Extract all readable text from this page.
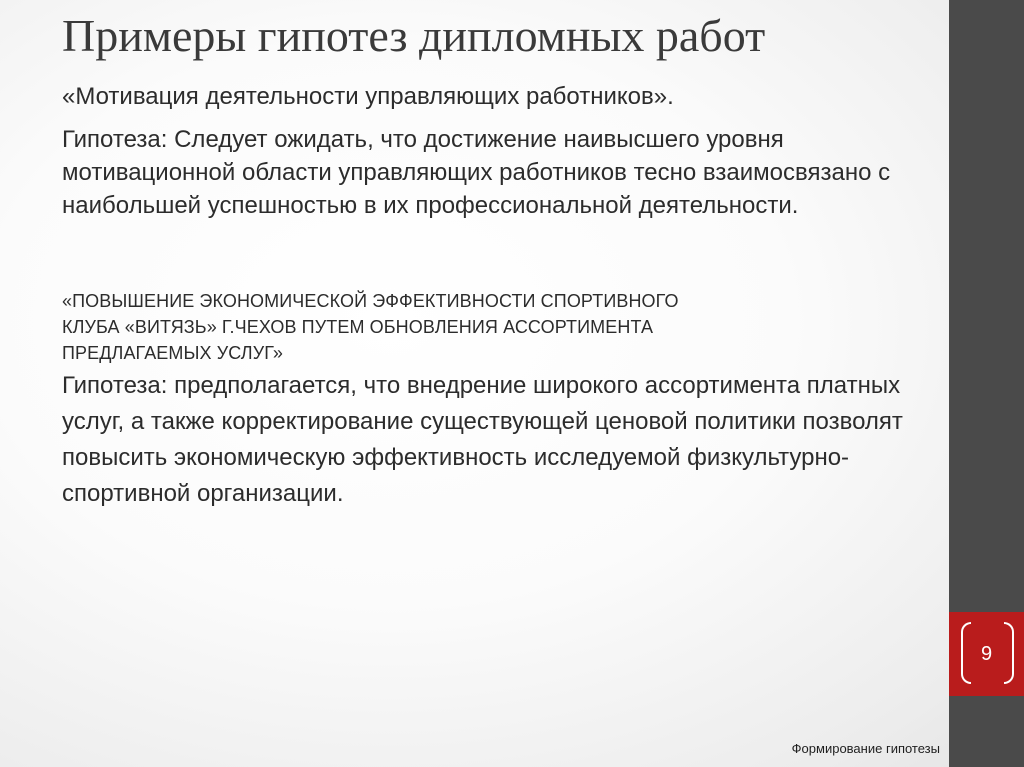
9
Примеры гипотез дипломных работ

«Мотивация деятельности управляющих работников».

Гипотеза: Следует ожидать, что достижение наивысшего уровня мотивационной области управляющих работников тесно взаимосвязано с наибольшей успешностью в их профессиональной деятельности.

«ПОВЫШЕНИЕ ЭКОНОМИЧЕСКОЙ ЭФФЕКТИВНОСТИ СПОРТИВНОГО

КЛУБА «ВИТЯЗЬ» Г.ЧЕХОВ ПУТЕМ ОБНОВЛЕНИЯ АССОРТИМЕНТА

ПРЕДЛАГАЕМЫХ УСЛУГ»

Гипотеза: предполагается, что внедрение широкого ассортимента платных услуг, а также корректирование существующей ценовой политики позволят повысить экономическую эффективность исследуемой физкультурно-спортивной организации.

Формирование гипотезы
